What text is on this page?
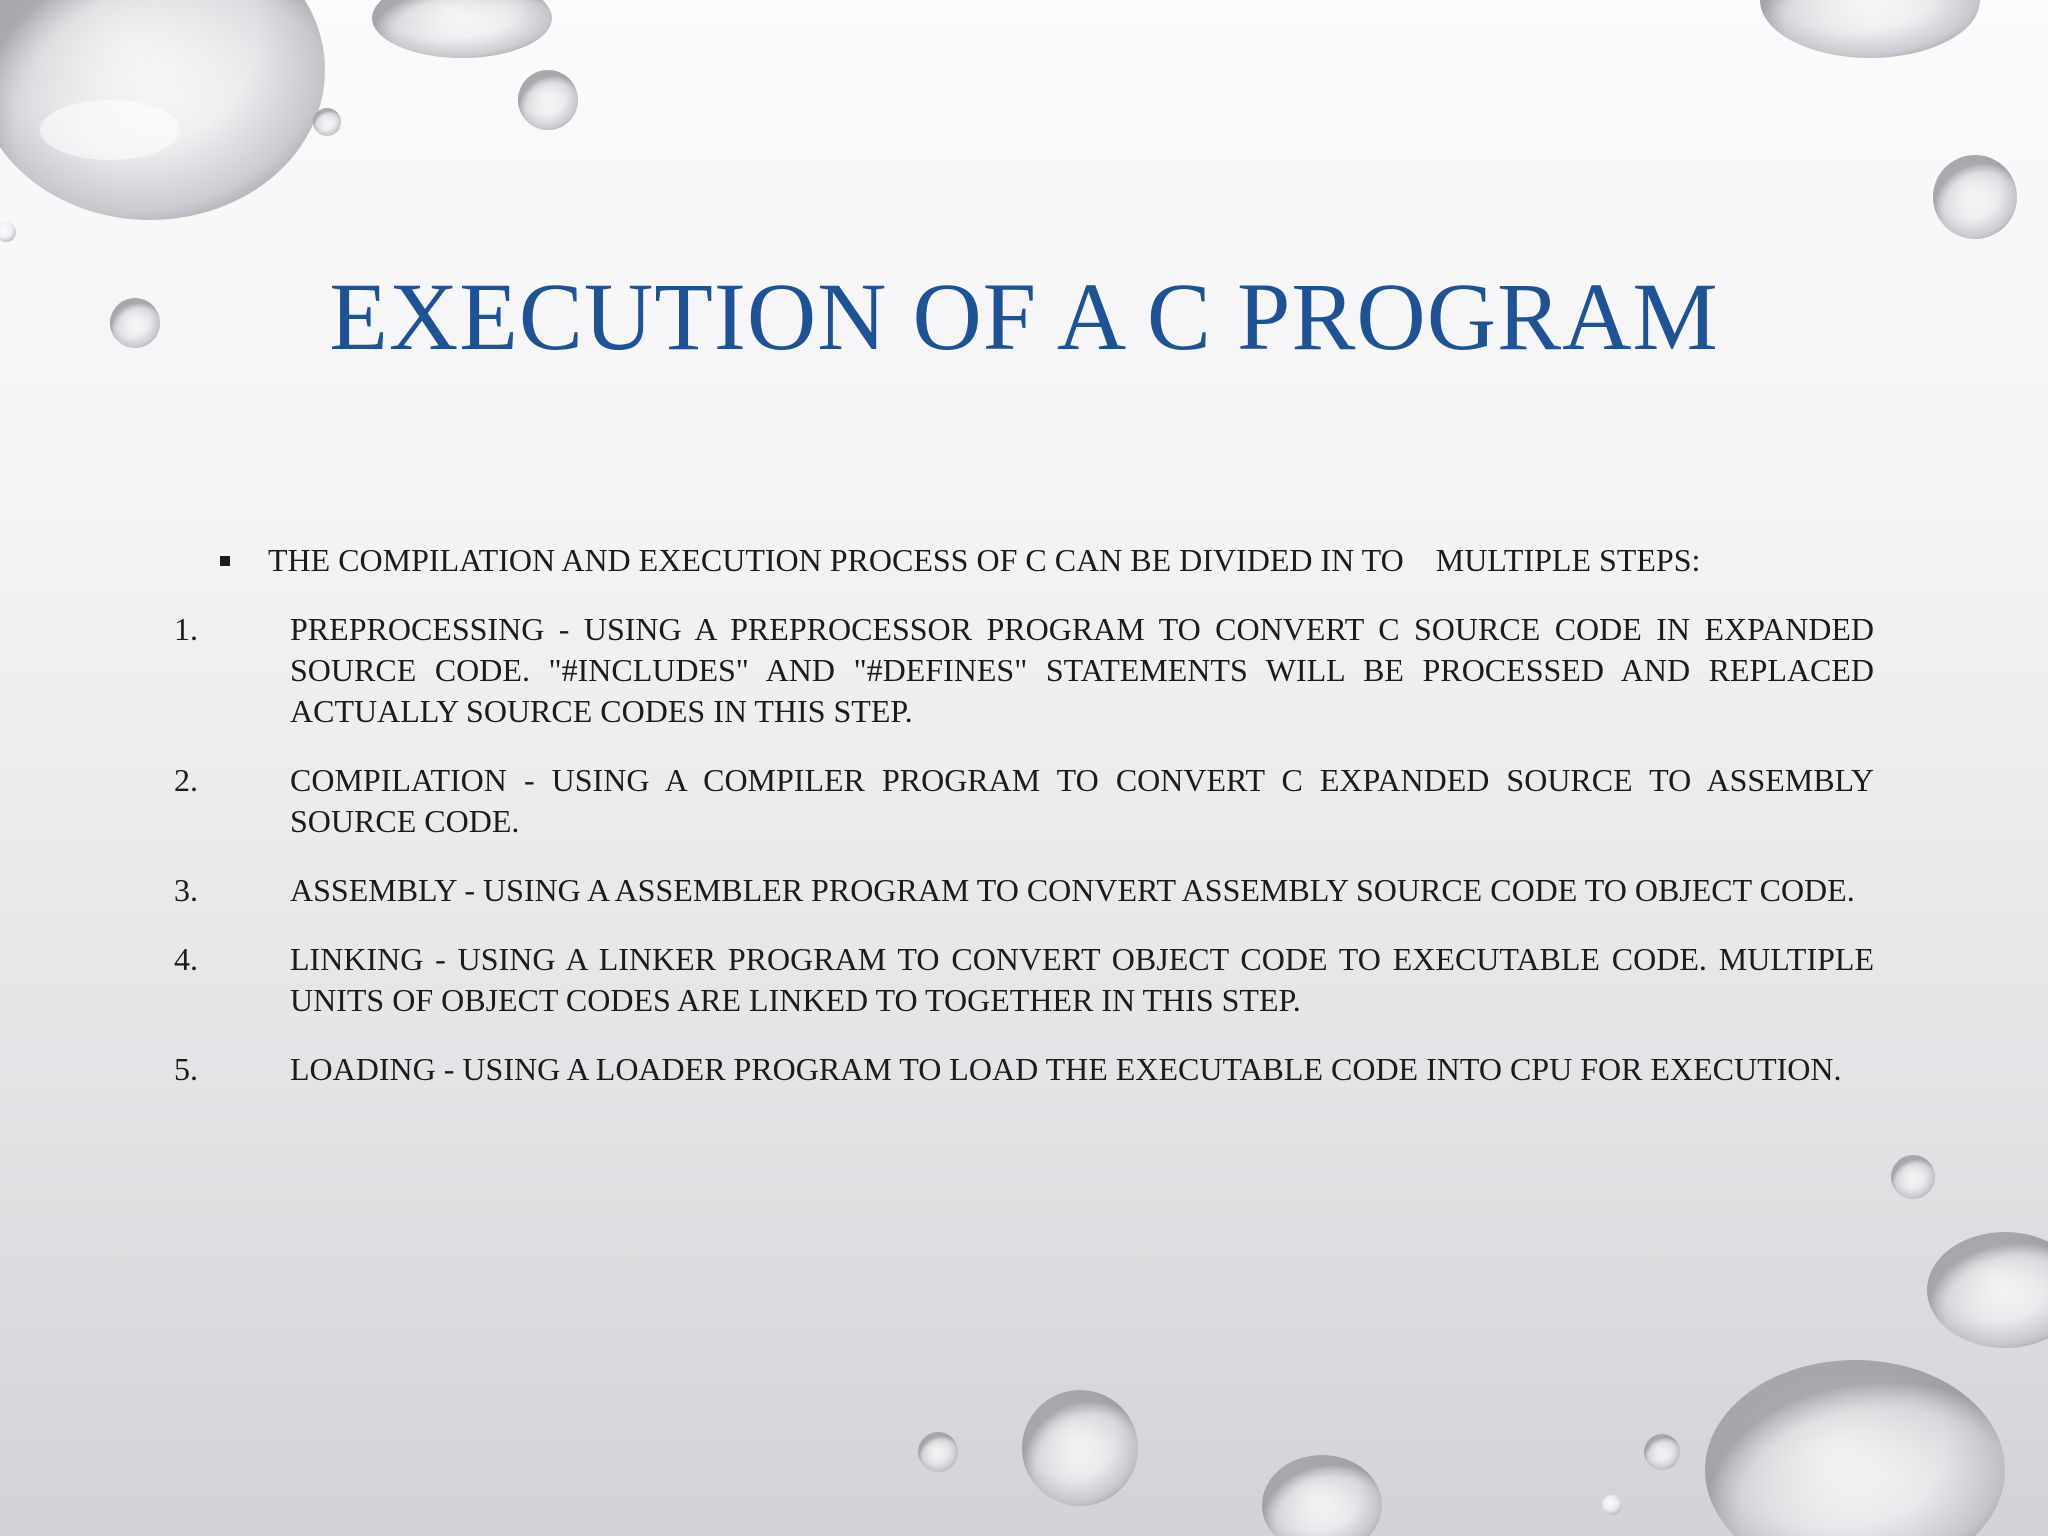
EXECUTION OF A C PROGRAM
THE COMPILATION AND EXECUTION PROCESS OF C CAN BE DIVIDED IN TO    MULTIPLE STEPS:
1.	PREPROCESSING - USING A PREPROCESSOR PROGRAM TO CONVERT C SOURCE CODE IN EXPANDED SOURCE CODE. "#INCLUDES" AND "#DEFINES" STATEMENTS WILL BE PROCESSED AND REPLACED ACTUALLY SOURCE CODES IN THIS STEP.
2.	COMPILATION - USING A COMPILER PROGRAM TO CONVERT C EXPANDED SOURCE TO ASSEMBLY SOURCE CODE.
3.	ASSEMBLY - USING A ASSEMBLER PROGRAM TO CONVERT ASSEMBLY SOURCE CODE TO OBJECT CODE.
4.	LINKING - USING A LINKER PROGRAM TO CONVERT OBJECT CODE TO EXECUTABLE CODE. MULTIPLE UNITS OF OBJECT CODES ARE LINKED TO TOGETHER IN THIS STEP.
5.	LOADING - USING A LOADER PROGRAM TO LOAD THE EXECUTABLE CODE INTO CPU FOR EXECUTION.
